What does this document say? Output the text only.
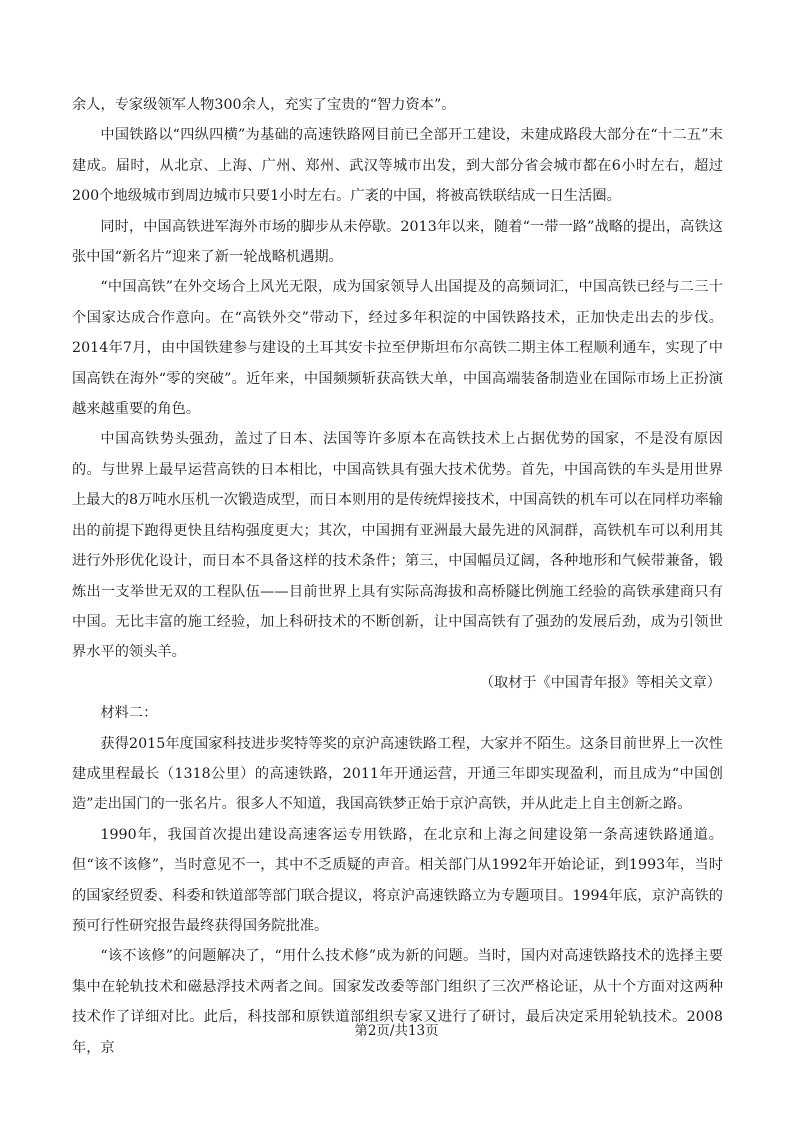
余人，专家级领军人物300余人，充实了宝贵的“智力资本”。

中国铁路以“四纵四横”为基础的高速铁路网目前已全部开工建设，未建成路段大部分在“十二五”末建成。届时，从北京、上海、广州、郑州、武汉等城市出发，到大部分省会城市都在6小时左右，超过200个地级城市到周边城市只要1小时左右。广袤的中国，将被高铁联结成一日生活圈。

同时，中国高铁进军海外市场的脚步从未停歇。2013年以来，随着“一带一路”战略的提出，高铁这张中国“新名片”迎来了新一轮战略机遇期。

“中国高铁”在外交场合上风光无限，成为国家领导人出国提及的高频词汇，中国高铁已经与二三十个国家达成合作意向。在“高铁外交”带动下，经过多年积淀的中国铁路技术，正加快走出去的步伐。2014年7月，由中国铁建参与建设的土耳其安卡拉至伊斯坦布尔高铁二期主体工程顺利通车，实现了中国高铁在海外“零的突破”。近年来，中国频频斩获高铁大单，中国高端装备制造业在国际市场上正扮演越来越重要的角色。

中国高铁势头强劲，盖过了日本、法国等许多原本在高铁技术上占据优势的国家，不是没有原因的。与世界上最早运营高铁的日本相比，中国高铁具有强大技术优势。首先，中国高铁的车头是用世界上最大的8万吨水压机一次锻造成型，而日本则用的是传统焊接技术，中国高铁的机车可以在同样功率输出的前提下跑得更快且结构强度更大；其次，中国拥有亚洲最大最先进的风洞群，高铁机车可以利用其进行外形优化设计，而日本不具备这样的技术条件；第三，中国幅员辽阔，各种地形和气候带兼备，锻炼出一支举世无双的工程队伍——目前世界上具有实际高海拔和高桥隧比例施工经验的高铁承建商只有中国。无比丰富的施工经验，加上科研技术的不断创新，让中国高铁有了强劲的发展后劲，成为引领世界水平的领头羊。

（取材于《中国青年报》等相关文章）

材料二：

获得2015年度国家科技进步奖特等奖的京沪高速铁路工程，大家并不陌生。这条目前世界上一次性建成里程最长（1318公里）的高速铁路，2011年开通运营，开通三年即实现盈利，而且成为“中国创造”走出国门的一张名片。很多人不知道，我国高铁梦正始于京沪高铁，并从此走上自主创新之路。

1990年，我国首次提出建设高速客运专用铁路，在北京和上海之间建设第一条高速铁路通道。但“该不该修”，当时意见不一，其中不乏质疑的声音。相关部门从1992年开始论证，到1993年，当时的国家经贸委、科委和铁道部等部门联合提议，将京沪高速铁路立为专题项目。1994年底，京沪高铁的预可行性研究报告最终获得国务院批准。

“该不该修”的问题解决了，“用什么技术修”成为新的问题。当时，国内对高速铁路技术的选择主要集中在轮轨技术和磁悬浮技术两者之间。国家发改委等部门组织了三次严格论证，从十个方面对这两种技术作了详细对比。此后，科技部和原铁道部组织专家又进行了研讨，最后决定采用轮轨技术。2008年，京

第2页/共13页
